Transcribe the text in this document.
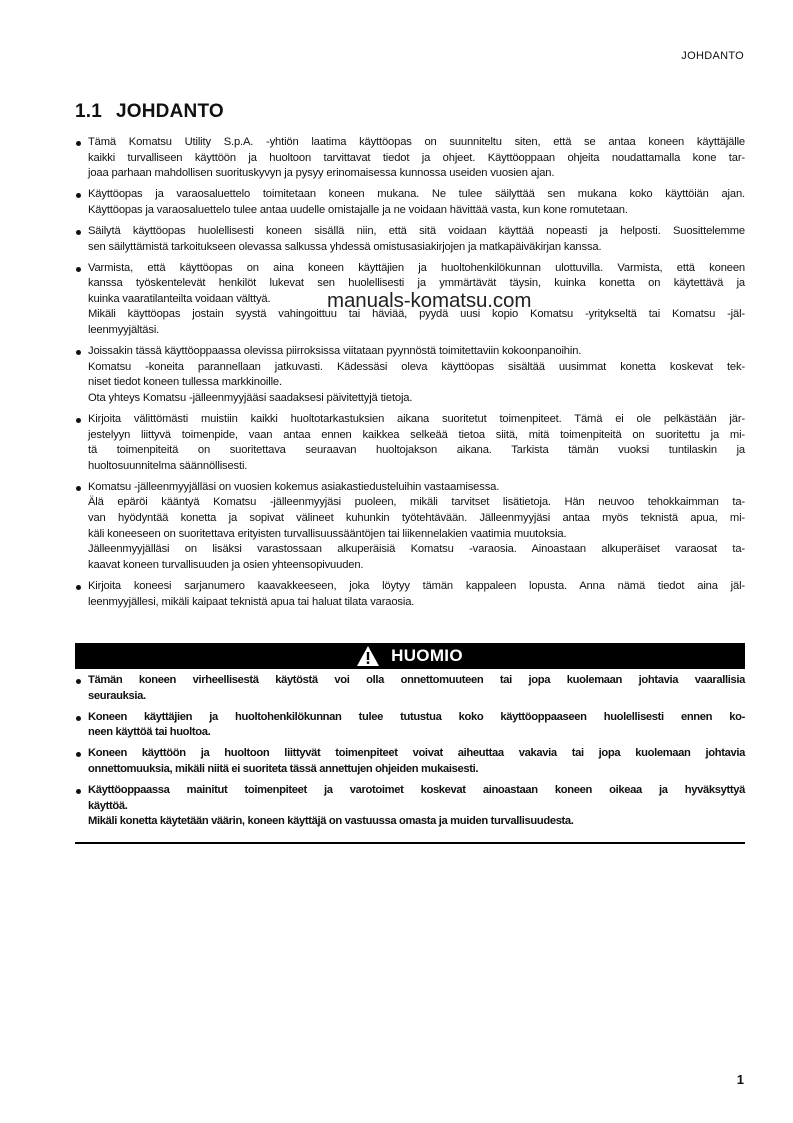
JOHDANTO
1.1 JOHDANTO
Tämä Komatsu Utility S.p.A. -yhtiön laatima käyttöopas on suunniteltu siten, että se antaa koneen käyttäjälle
kaikki turvalliseen käyttöön ja huoltoon tarvittavat tiedot ja ohjeet. Käyttöoppaan ohjeita noudattamalla kone tar-
joaa parhaan mahdollisen suorituskyvyn ja pysyy erinomaisessa kunnossa useiden vuosien ajan.
Käyttöopas ja varaosaluettelo toimitetaan koneen mukana. Ne tulee säilyttää sen mukana koko käyttöiän ajan.
Käyttöopas ja varaosaluettelo tulee antaa uudelle omistajalle ja ne voidaan hävittää vasta, kun kone romutetaan.
Säilytä käyttöopas huolellisesti koneen sisällä niin, että sitä voidaan käyttää nopeasti ja helposti. Suosittelemme
sen säilyttämistä tarkoitukseen olevassa salkussa yhdessä omistusasiakirjojen ja matkapäiväkirjan kanssa.
Varmista, että käyttöopas on aina koneen käyttäjien ja huoltohenkilökunnan ulottuvilla. Varmista, että koneen
kanssa työskentelevät henkilöt lukevat sen huolellisesti ja ymmärtävät täysin, kuinka konetta on käytettävä ja
kuinka vaaratilanteilta voidaan välttyä.
Mikäli käyttöopas jostain syystä vahingoittuu tai häviää, pyydä uusi kopio Komatsu -yritykseltä tai Komatsu -jäl-
leenmyyjältäsi.
Joissakin tässä käyttöoppaassa olevissa piirroksissa viitataan pyynnöstä toimitettaviin kokoonpanoihin.
Komatsu -koneita parannellaan jatkuvasti. Kädessäsi oleva käyttöopas sisältää uusimmat konetta koskevat tek-
niset tiedot koneen tullessa markkinoille.
Ota yhteys Komatsu -jälleenmyyjääsi saadaksesi päivitettyjä tietoja.
Kirjoita välittömästi muistiin kaikki huoltotarkastuksien aikana suoritetut toimenpiteet. Tämä ei ole pelkästään jär-
jestelyyn liittyvä toimenpide, vaan antaa ennen kaikkea selkeää tietoa siitä, mitä toimenpiteitä on suoritettu ja mi-
tä toimenpiteitä on suoritettava seuraavan huoltojakson aikana. Tarkista tämän vuoksi tuntilaskin ja
huoltosuunnitelma säännöllisesti.
Komatsu -jälleenmyyjälläsi on vuosien kokemus asiakastiedusteluihin vastaamisessa.
Älä epäröi kääntyä Komatsu -jälleenmyyjäsi puoleen, mikäli tarvitset lisätietoja. Hän neuvoo tehokkaimman ta-
van hyödyntää konetta ja sopivat välineet kuhunkin työtehtävään. Jälleenmyyjäsi antaa myös teknistä apua, mi-
käli koneeseen on suoritettava erityisten turvallisuussääntöjen tai liikennelakien vaatimia muutoksia.
Jälleenmyyjälläsi on lisäksi varastossaan alkuperäisiä Komatsu -varaosia. Ainoastaan alkuperäiset varaosat ta-
kaavat koneen turvallisuuden ja osien yhteensopivuuden.
Kirjoita koneesi sarjanumero kaavakkeeseen, joka löytyy tämän kappaleen lopusta. Anna nämä tiedot aina jäl-
leenmyyjällesi, mikäli kaipaat teknistä apua tai haluat tilata varaosia.
manuals-komatsu.com
HUOMIO
Tämän koneen virheellisestä käytöstä voi olla onnettomuuteen tai jopa kuolemaan johtavia vaarallisia
seurauksia.
Koneen käyttäjien ja huoltohenkilökunnan tulee tutustua koko käyttöoppaaseen huolellisesti ennen ko-
neen käyttöä tai huoltoa.
Koneen käyttöön ja huoltoon liittyvät toimenpiteet voivat aiheuttaa vakavia tai jopa kuolemaan johtavia
onnettomuuksia, mikäli niitä ei suoriteta tässä annettujen ohjeiden mukaisesti.
Käyttöoppaassa mainitut toimenpiteet ja varotoimet koskevat ainoastaan koneen oikeaa ja hyväksyttyä
käyttöä.
Mikäli konetta käytetään väärin, koneen käyttäjä on vastuussa omasta ja muiden turvallisuudesta.
1
